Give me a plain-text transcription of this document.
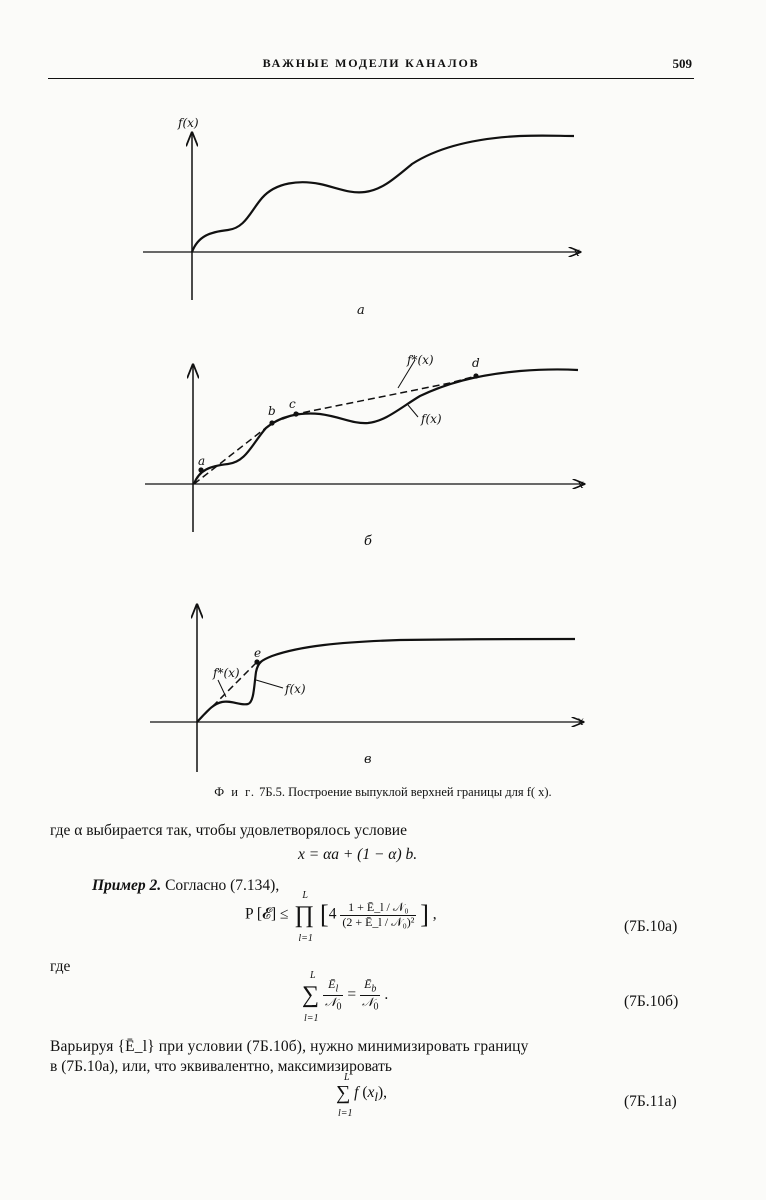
ВАЖНЫЕ МОДЕЛИ КАНАЛОВ	509
f(x)
x
а
a
b c
d
f*(x)
f(x)
x
б
e
f*(x)
f(x)
x
в
Ф и г. 7Б.5. Построение выпуклой верхней границы для f( x).
где α выбирается так, чтобы удовлетворялось условие
x = αa + (1 − α) b.
Пример 2. Согласно (7.134),
P [𝓔] ≤
L
∏
l=1
[$4 \frac{\text{1 + Ē\_l / 𝒩₀}}{\text{(2 + Ē\_l / 𝒩₀)²}}$ ] ,
(7Б.10а)
где
L
∑
l=1

$\frac{Ē_l}{𝒩_0} = \frac{Ē_b}{𝒩_0}$ .	(7Б.10б)
Варьируя {Ē_l} при условии (7Б.10б), нужно минимизировать границу
в (7Б.10а), или, что эквивалентно, максимизировать
L
∑
l=1
f $(x_l)$,
(7Б.11а)
